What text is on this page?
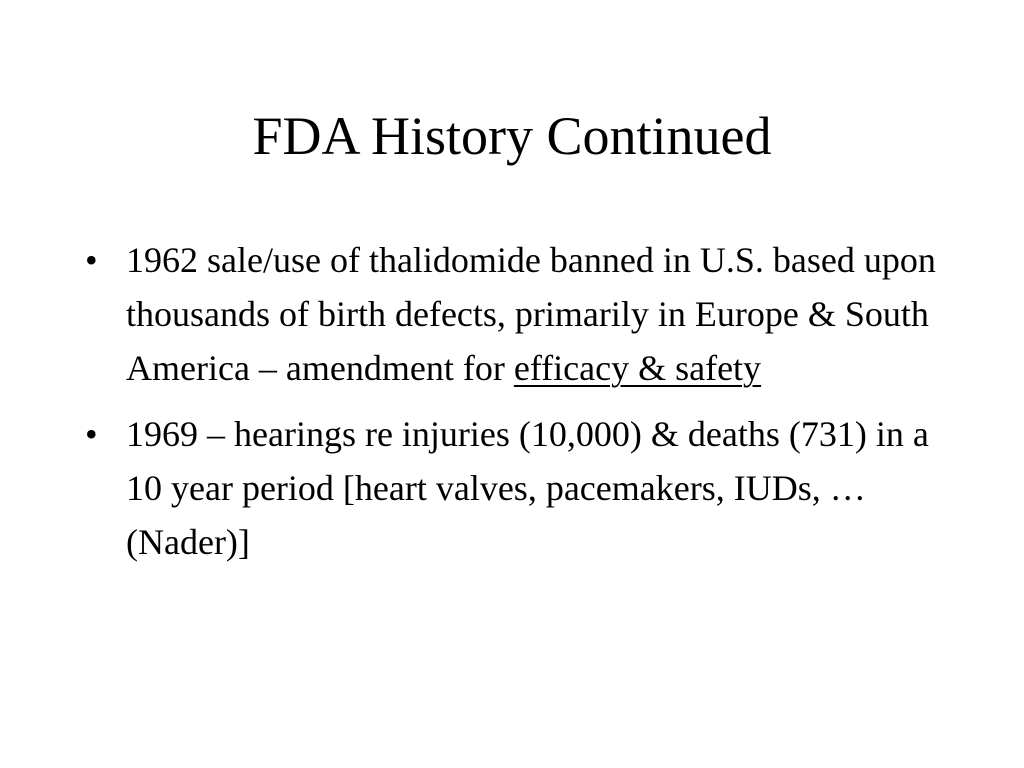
FDA History Continued
• 1962 sale/use of thalidomide banned in U.S. based upon thousands of birth defects, primarily in Europe & South America – amendment for efficacy & safety
• 1969 – hearings re injuries (10,000) & deaths (731) in a 10 year period [heart valves, pacemakers, IUDs, … (Nader)]
